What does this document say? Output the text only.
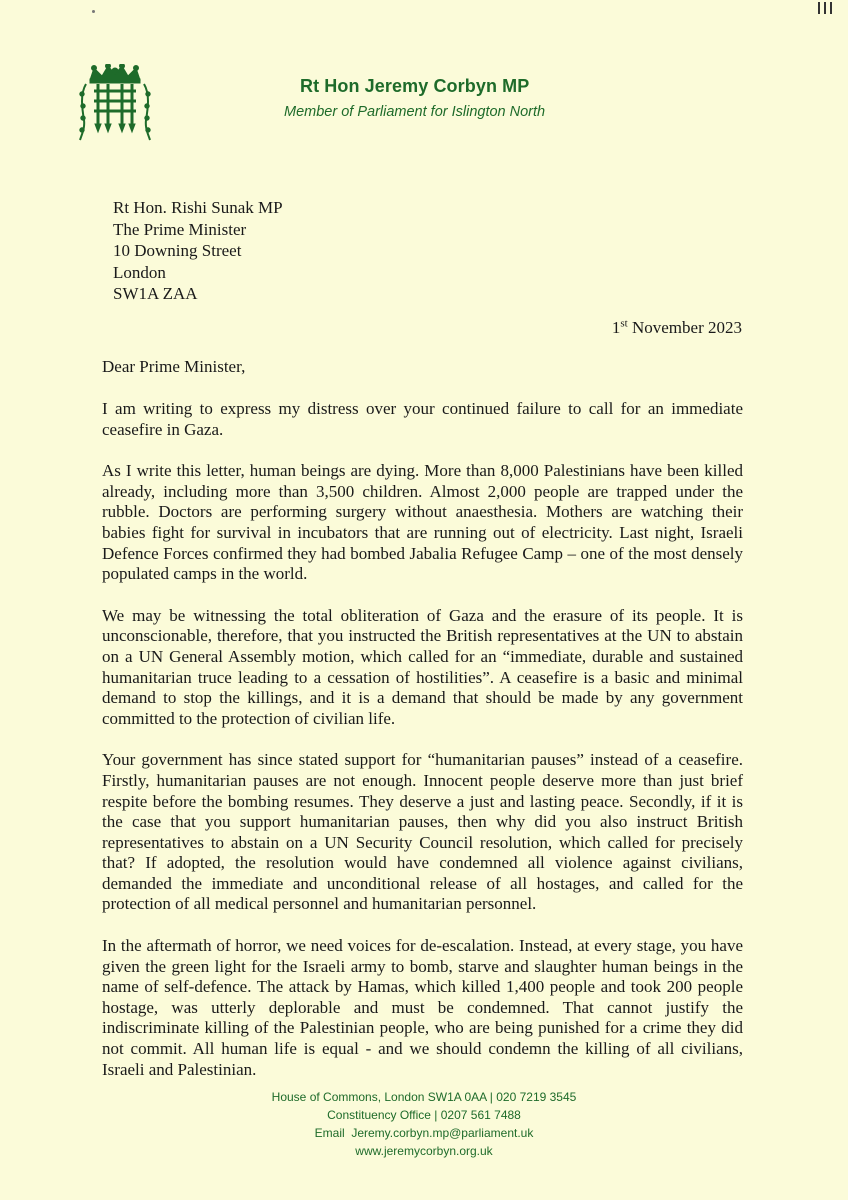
Rt Hon Jeremy Corbyn MP
Member of Parliament for Islington North
Rt Hon. Rishi Sunak MP
The Prime Minister
10 Downing Street
London
SW1A ZAA
1st November 2023
Dear Prime Minister,

I am writing to express my distress over your continued failure to call for an immediate ceasefire in Gaza.

As I write this letter, human beings are dying. More than 8,000 Palestinians have been killed already, including more than 3,500 children. Almost 2,000 people are trapped under the rubble. Doctors are performing surgery without anaesthesia. Mothers are watching their babies fight for survival in incubators that are running out of electricity. Last night, Israeli Defence Forces confirmed they had bombed Jabalia Refugee Camp – one of the most densely populated camps in the world.

We may be witnessing the total obliteration of Gaza and the erasure of its people. It is unconscionable, therefore, that you instructed the British representatives at the UN to abstain on a UN General Assembly motion, which called for an “immediate, durable and sustained humanitarian truce leading to a cessation of hostilities”. A ceasefire is a basic and minimal demand to stop the killings, and it is a demand that should be made by any government committed to the protection of civilian life.

Your government has since stated support for “humanitarian pauses” instead of a ceasefire. Firstly, humanitarian pauses are not enough. Innocent people deserve more than just brief respite before the bombing resumes. They deserve a just and lasting peace. Secondly, if it is the case that you support humanitarian pauses, then why did you also instruct British representatives to abstain on a UN Security Council resolution, which called for precisely that? If adopted, the resolution would have condemned all violence against civilians, demanded the immediate and unconditional release of all hostages, and called for the protection of all medical personnel and humanitarian personnel.

In the aftermath of horror, we need voices for de-escalation. Instead, at every stage, you have given the green light for the Israeli army to bomb, starve and slaughter human beings in the name of self-defence. The attack by Hamas, which killed 1,400 people and took 200 people hostage, was utterly deplorable and must be condemned. That cannot justify the indiscriminate killing of the Palestinian people, who are being punished for a crime they did not commit. All human life is equal - and we should condemn the killing of all civilians, Israeli and Palestinian.

House of Commons, London SW1A 0AA | 020 7219 3545
Constituency Office | 0207 561 7488
Email  Jeremy.corbyn.mp@parliament.uk
www.jeremycorbyn.org.uk
